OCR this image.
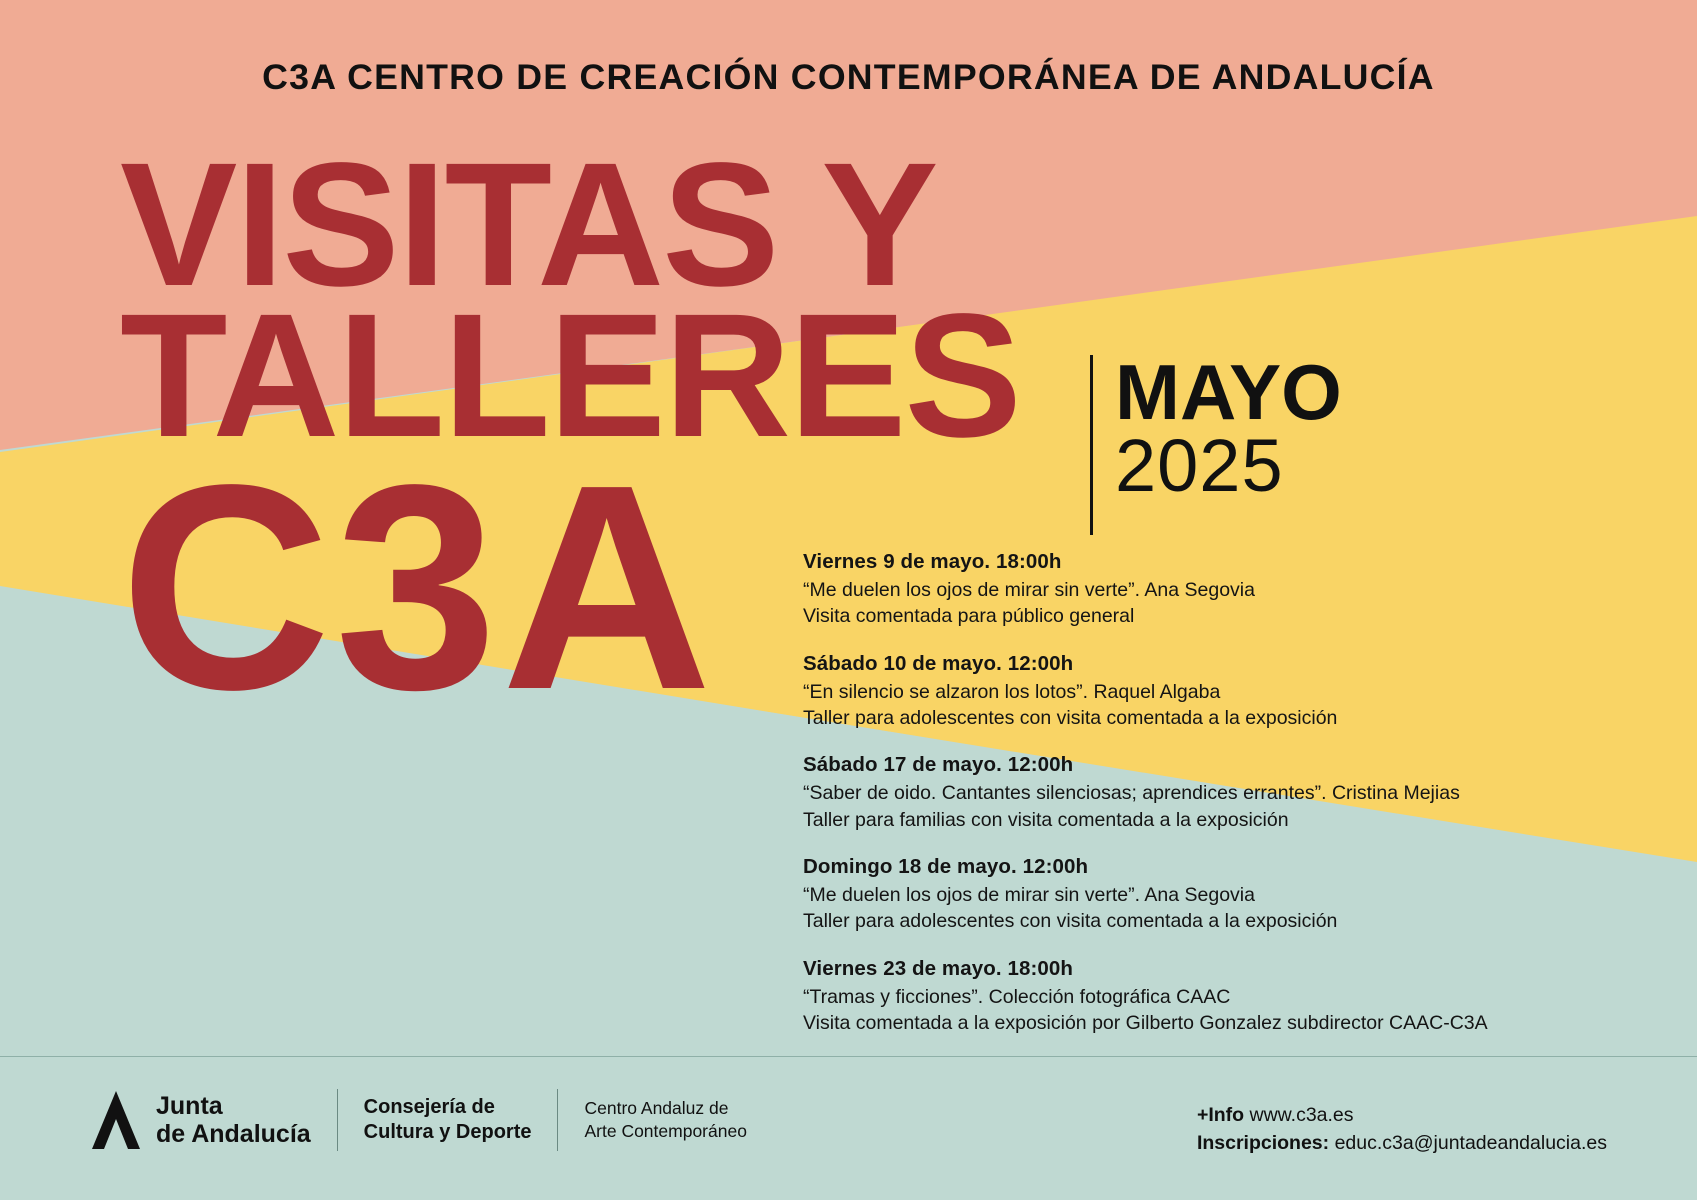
C3A CENTRO DE CREACIÓN CONTEMPORÁNEA DE ANDALUCÍA
VISITAS Y
TALLERES
C3A
MAYO
2025
Viernes 9 de mayo. 18:00h
“Me duelen los ojos de mirar sin verte”. Ana Segovia
Visita comentada para público general
Sábado 10 de mayo. 12:00h
“En silencio se alzaron los lotos”. Raquel Algaba
Taller para adolescentes con visita comentada a la exposición
Sábado 17 de mayo. 12:00h
“Saber de oido. Cantantes silenciosas; aprendices errantes”. Cristina Mejias
Taller para familias con visita comentada a la exposición
Domingo 18 de mayo. 12:00h
“Me duelen los ojos de mirar sin verte”. Ana Segovia
Taller para adolescentes con visita comentada a la exposición
Viernes 23 de mayo. 18:00h
“Tramas y ficciones”. Colección fotográfica CAAC
Visita comentada a la exposición por Gilberto Gonzalez subdirector CAAC-C3A
Junta
de Andalucía
Consejería de
Cultura y Deporte
Centro Andaluz de
Arte Contemporáneo
+Info www.c3a.es
Inscripciones: educ.c3a@juntadeandalucia.es
